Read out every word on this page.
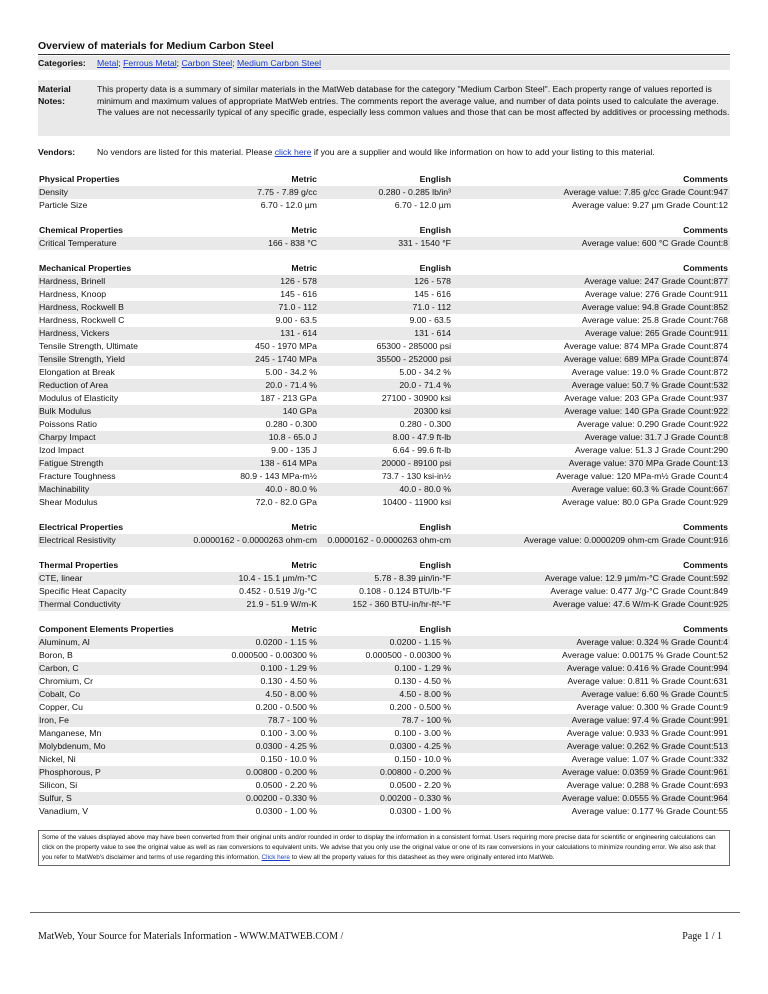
Overview of materials for Medium Carbon Steel
Categories:	Metal; Ferrous Metal; Carbon Steel; Medium Carbon Steel
Material Notes:
This property data is a summary of similar materials in the MatWeb database for the category "Medium Carbon Steel". Each property range of values reported is minimum and maximum values of appropriate MatWeb entries. The comments report the average value, and number of data points used to calculate the average. The values are not necessarily typical of any specific grade, especially less common values and those that can be most affected by additives or processing methods.
Vendors:	No vendors are listed for this material. Please click here if you are a supplier and would like information on how to add your listing to this material.
Physical Properties	Metric	English	Comments
Density	7.75 - 7.89 g/cc	0.280 - 0.285 lb/in³	Average value: 7.85 g/cc Grade Count:947
Particle Size	6.70 - 12.0 µm	6.70 - 12.0 µm	Average value: 9.27 µm Grade Count:12
Chemical Properties	Metric	English	Comments
Critical Temperature	166 - 838 °C	331 - 1540 °F	Average value: 600 °C Grade Count:8
Mechanical Properties	Metric	English	Comments
Hardness, Brinell	126 - 578	126 - 578	Average value: 247 Grade Count:877
Hardness, Knoop	145 - 616	145 - 616	Average value: 276 Grade Count:911
Hardness, Rockwell B	71.0 - 112	71.0 - 112	Average value: 94.8 Grade Count:852
Hardness, Rockwell C	9.00 - 63.5	9.00 - 63.5	Average value: 25.8 Grade Count:768
Hardness, Vickers	131 - 614	131 - 614	Average value: 265 Grade Count:911
Tensile Strength, Ultimate	450 - 1970 MPa	65300 - 285000 psi	Average value: 874 MPa Grade Count:874
Tensile Strength, Yield	245 - 1740 MPa	35500 - 252000 psi	Average value: 689 MPa Grade Count:874
Elongation at Break	5.00 - 34.2 %	5.00 - 34.2 %	Average value: 19.0 % Grade Count:872
Reduction of Area	20.0 - 71.4 %	20.0 - 71.4 %	Average value: 50.7 % Grade Count:532
Modulus of Elasticity	187 - 213 GPa	27100 - 30900 ksi	Average value: 203 GPa Grade Count:937
Bulk Modulus	140 GPa	20300 ksi	Average value: 140 GPa Grade Count:922
Poissons Ratio	0.280 - 0.300	0.280 - 0.300	Average value: 0.290 Grade Count:922
Charpy Impact	10.8 - 65.0 J	8.00 - 47.9 ft-lb	Average value: 31.7 J Grade Count:8
Izod Impact	9.00 - 135 J	6.64 - 99.6 ft-lb	Average value: 51.3 J Grade Count:290
Fatigue Strength	138 - 614 MPa	20000 - 89100 psi	Average value: 370 MPa Grade Count:13
Fracture Toughness	80.9 - 143 MPa-m½	73.7 - 130 ksi-in½	Average value: 120 MPa-m½ Grade Count:4
Machinability	40.0 - 80.0 %	40.0 - 80.0 %	Average value: 60.3 % Grade Count:667
Shear Modulus	72.0 - 82.0 GPa	10400 - 11900 ksi	Average value: 80.0 GPa Grade Count:929
Electrical Properties	Metric	English	Comments
Electrical Resistivity	0.0000162 - 0.0000263 ohm-cm	0.0000162 - 0.0000263 ohm-cm	Average value: 0.0000209 ohm-cm Grade Count:916
Thermal Properties	Metric	English	Comments
CTE, linear	10.4 - 15.1 µm/m-°C	5.78 - 8.39 µin/in-°F	Average value: 12.9 µm/m-°C Grade Count:592
Specific Heat Capacity	0.452 - 0.519 J/g-°C	0.108 - 0.124 BTU/lb-°F	Average value: 0.477 J/g-°C Grade Count:849
Thermal Conductivity	21.9 - 51.9 W/m-K	152 - 360 BTU-in/hr-ft²-°F	Average value: 47.6 W/m-K Grade Count:925
Component Elements Properties	Metric	English	Comments
Aluminum, Al	0.0200 - 1.15 %	0.0200 - 1.15 %	Average value: 0.324 % Grade Count:4
Boron, B	0.000500 - 0.00300 %	0.000500 - 0.00300 %	Average value: 0.00175 % Grade Count:52
Carbon, C	0.100 - 1.29 %	0.100 - 1.29 %	Average value: 0.416 % Grade Count:994
Chromium, Cr	0.130 - 4.50 %	0.130 - 4.50 %	Average value: 0.811 % Grade Count:631
Cobalt, Co	4.50 - 8.00 %	4.50 - 8.00 %	Average value: 6.60 % Grade Count:5
Copper, Cu	0.200 - 0.500 %	0.200 - 0.500 %	Average value: 0.300 % Grade Count:9
Iron, Fe	78.7 - 100 %	78.7 - 100 %	Average value: 97.4 % Grade Count:991
Manganese, Mn	0.100 - 3.00 %	0.100 - 3.00 %	Average value: 0.933 % Grade Count:991
Molybdenum, Mo	0.0300 - 4.25 %	0.0300 - 4.25 %	Average value: 0.262 % Grade Count:513
Nickel, Ni	0.150 - 10.0 %	0.150 - 10.0 %	Average value: 1.07 % Grade Count:332
Phosphorous, P	0.00800 - 0.200 %	0.00800 - 0.200 %	Average value: 0.0359 % Grade Count:961
Silicon, Si	0.0500 - 2.20 %	0.0500 - 2.20 %	Average value: 0.288 % Grade Count:693
Sulfur, S	0.00200 - 0.330 %	0.00200 - 0.330 %	Average value: 0.0555 % Grade Count:964
Vanadium, V	0.0300 - 1.00 %	0.0300 - 1.00 %	Average value: 0.177 % Grade Count:55
Some of the values displayed above may have been converted from their original units and/or rounded in order to display the information in a consistent format. Users requiring more precise data for scientific or engineering calculations can click on the property value to see the original value as well as raw conversions to equivalent units. We advise that you only use the original value or one of its raw conversions in your calculations to minimize rounding error. We also ask that you refer to MatWeb's disclaimer and terms of use regarding this information. Click here to view all the property values for this datasheet as they were originally entered into MatWeb.
MatWeb, Your Source for Materials Information - WWW.MATWEB.COM /	Page 1 / 1
